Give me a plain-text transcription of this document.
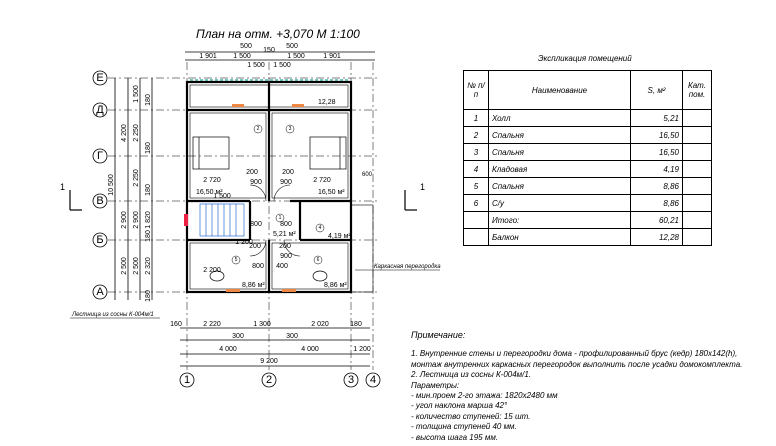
Е
Д
Г
В
Б
А
1	2	3 4
1 901
500
150
500
1 901
1 500
1 500 1 500
1 500
10 500
4 200
2 900
2 500
1 500
2 250
2 250
2 900
2 500
180
180
1 820
180
2 320
180
180
160	2 220	1 300	2 020	180
300	300
4 000	4 000	1 200
9 200
12,28
16,50 м²	16,50 м²
5,21 м²	4,19 м²
8,86 м²	8,86 м²
2	3
1
4
5	6
2 720	2 720
200	200
900	900
800	800
200	200
2 200
900
800 400
1 500
1 200
1	1
Каркасная перегородка
Лестница из сосны К-004м/1
600
План на отм. +3,070 М 1:100
Экспликация помещений
№ п/п	Наименование	S, м²	Кат. пом.
1	Холл	5,21	
2	Спальня	16,50	
3	Спальня	16,50	
4	Кладовая	4,19	
5	Спальня	8,86	
6	С/у	8,86	
	Итого:	60,21	
	Балкон	12,28	
Примечание:
1. Внутренние стены и перегородки дома - профилированный брус (кедр) 180x142(h),
монтаж внутренних каркасных перегородок выполнить после усадки домокомплекта.
2. Лестница из сосны К-004м/1.
Параметры:
- мин.проем 2-го этажа: 1820x2480 мм
- угол наклона марша 42°
- количество ступеней: 15 шт.
- толщина ступеней 40 мм.
- высота шага 195 мм.
